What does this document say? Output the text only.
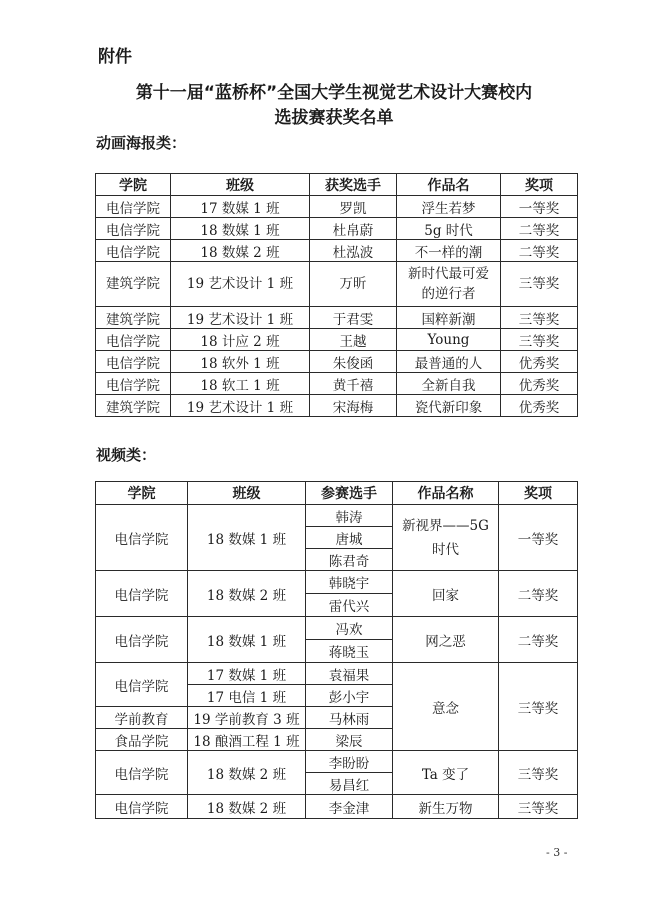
附件
第十一届“蓝桥杯”全国大学生视觉艺术设计大赛校内
选拔赛获奖名单
动画海报类：
学院	班级	获奖选手	作品名	奖项
电信学院	17 数媒 1 班	罗凯	浮生若梦	一等奖
电信学院	18 数媒 1 班	杜帛蔚	5g 时代	二等奖
电信学院	18 数媒 2 班	杜泓波	不一样的潮	二等奖
建筑学院	19 艺术设计 1 班	万昕	新时代最可爱的逆行者	三等奖
建筑学院	19 艺术设计 1 班	于君雯	国粹新潮	三等奖
电信学院	18 计应 2 班	王越	Young	三等奖
电信学院	18 软外 1 班	朱俊函	最普通的人	优秀奖
电信学院	18 软工 1 班	黄千禧	全新自我	优秀奖
建筑学院	19 艺术设计 1 班	宋海梅	瓷代新印象	优秀奖
视频类：
学院	班级	参赛选手	作品名称	奖项
电信学院	18 数媒 1 班	韩涛	新视界——5G 时代	一等奖
		唐城		
		陈君奇		
电信学院	18 数媒 2 班	韩晓宇	回家	二等奖
		雷代兴		
电信学院	18 数媒 1 班	冯欢	网之恶	二等奖
		蒋晓玉		
电信学院	17 数媒 1 班	袁福果	意念	三等奖
	17 电信 1 班	彭小宇		
学前教育	19 学前教育 3 班	马林雨		
食品学院	18 酿酒工程 1 班	梁辰		
电信学院	18 数媒 2 班	李盼盼	Ta 变了	三等奖
		易昌红		
电信学院	18 数媒 2 班	李金津	新生万物	三等奖
- 3 -
